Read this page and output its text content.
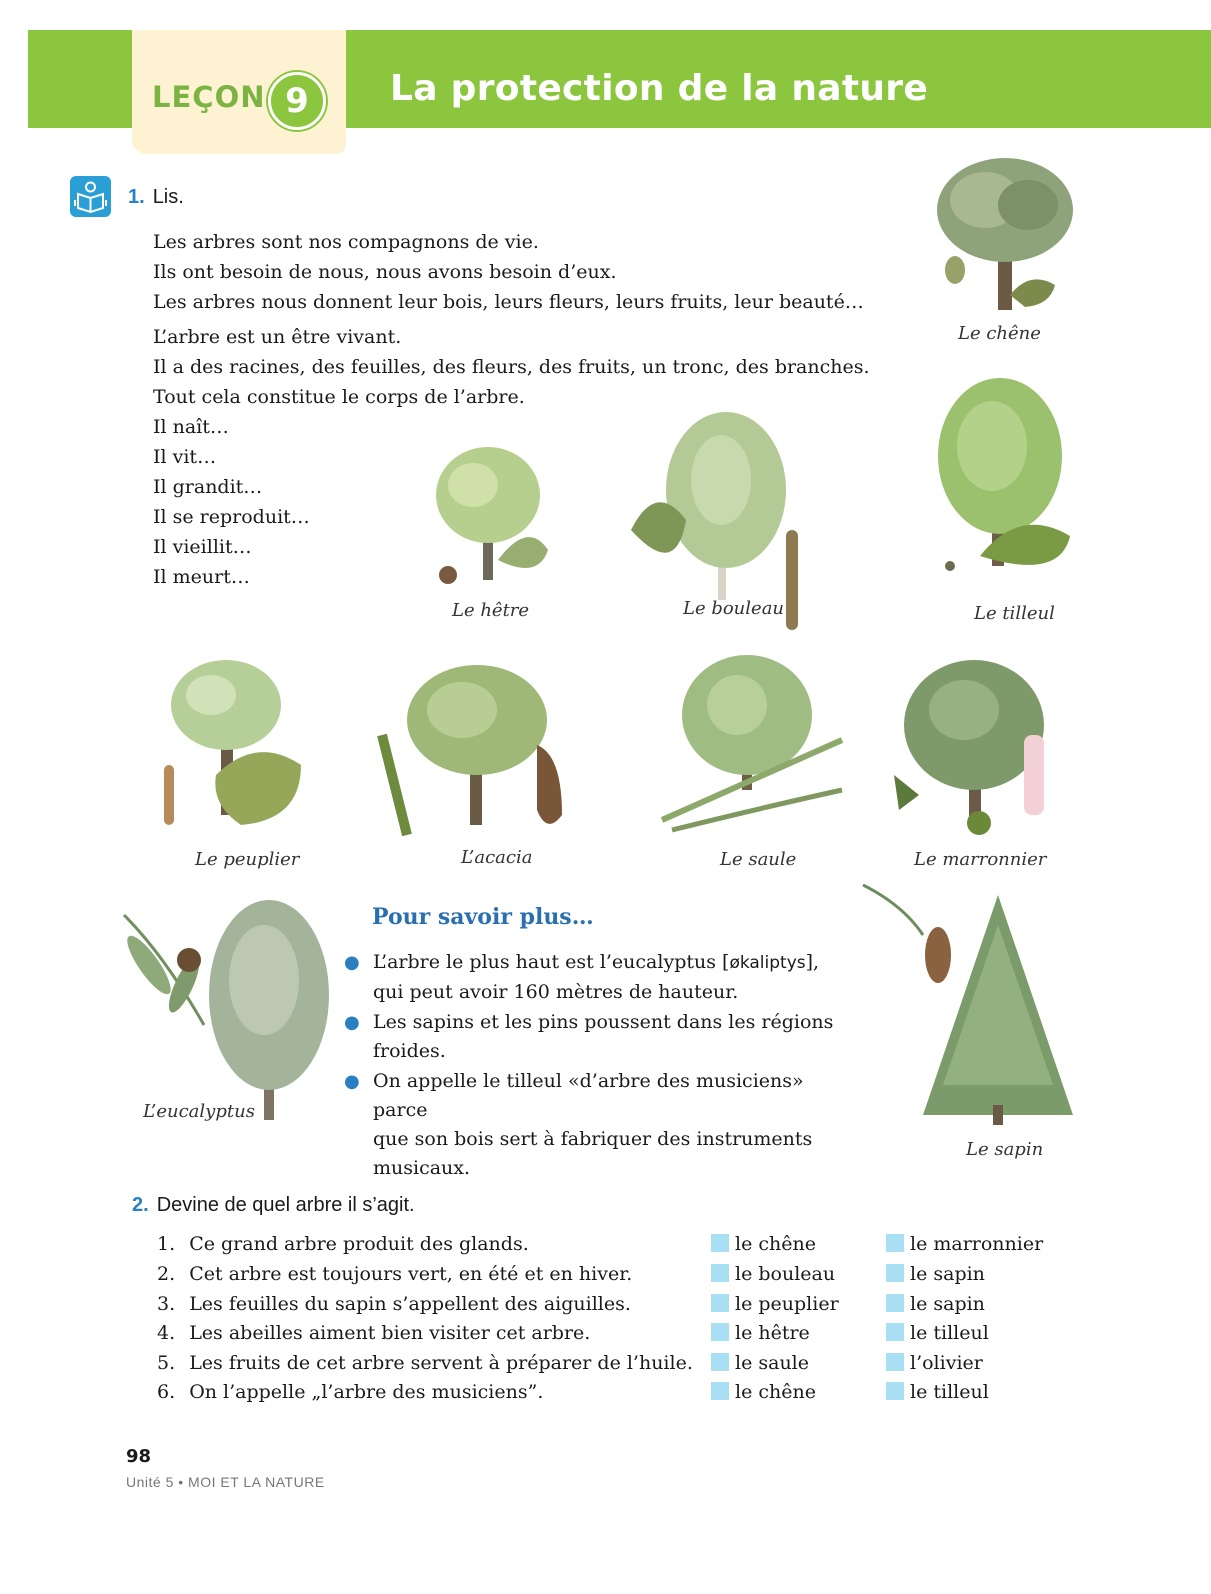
LEÇON 9	La protection de la nature
1. Lis.
Les arbres sont nos compagnons de vie.
Ils ont besoin de nous, nous avons besoin d’eux.
Les arbres nous donnent leur bois, leurs fleurs, leurs fruits, leur beauté…
L’arbre est un être vivant.
Il a des racines, des feuilles, des fleurs, des fruits, un tronc, des branches.
Tout cela constitue le corps de l’arbre.
Il naît…
Il vit…
Il grandit…
Il se reproduit…
Il vieillit…
Il meurt…
Le chêne
Le hêtre	Le bouleau	Le tilleul
Le peuplier	L’acacia	Le saule	Le marronnier
L’eucalyptus
Le sapin
Pour savoir plus…
● L’arbre le plus haut est l’eucalyptus [økaliptys],
qui peut avoir 160 mètres de hauteur.
● Les sapins et les pins poussent dans les régions
froides.
● On appelle le tilleul «d’arbre des musiciens» parce
que son bois sert à fabriquer des instruments
musicaux.
2. Devine de quel arbre il s’agit.
1. Ce grand arbre produit des glands.	le chêne	le marronnier
2. Cet arbre est toujours vert, en été et en hiver.	le bouleau	le sapin
3. Les feuilles du sapin s’appellent des aiguilles.	le peuplier	le sapin
4. Les abeilles aiment bien visiter cet arbre.	le hêtre	le tilleul
5. Les fruits de cet arbre servent à préparer de l’huile.	le saule	l’olivier
6. On l’appelle „l’arbre des musiciens”.	le chêne	le tilleul
98
Unité 5 • MOI ET LA NATURE
